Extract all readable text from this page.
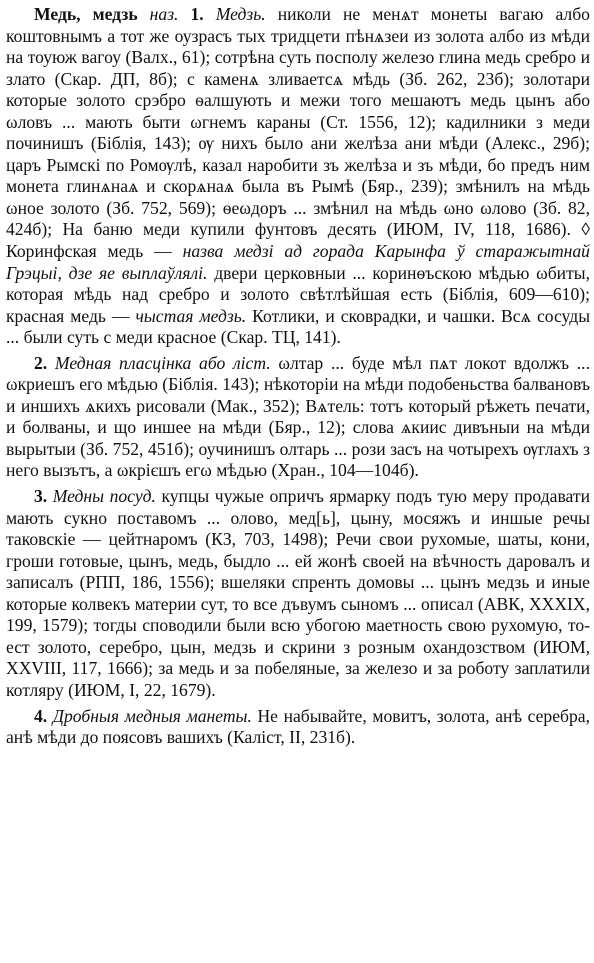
Медь, медзь наз. 1. Медзь. николи не менѧт монеты вагаю албо коштовнымъ а тот же оузрасъ тых тридцети пѣнѧзеи из золота албо из мѣди на тоуюж вагоу (Валх., 61); сотрѣна суть посполу железо глина медь сребро и злато (Скар. ДП, 8б); с каменѧ зливаетсѧ мѣдь (Зб. 262, 23б); золотари которые золото срэбро ѳалшують и межи того мешаютъ медь цынъ або ωловъ ... мають быти ωгнемъ караны (Ст. 1556, 12); кадилники з меди починишъ (Біблія, 143); ѹ нихъ было ани желѣза ани мѣди (Алекс., 29б); царъ Рымскi по Ромѹлѣ, казал наробити зъ желѣза и зъ мѣди, бо предъ ним монета глинѧнаѧ и скорѧнаѧ была въ Рымѣ (Бяр., 239); змѣнилъ на мѣдь ωное золото (Зб. 752, 569); ѳеωдоръ ... змѣнил на мѣдь ωно ωлово (Зб. 82, 424б); На баню меди купили фунтовъ десять (ИЮМ, IV, 118, 1686). ◊ Коринфская медь — назва медзі ад горада Карынфа ў старажытнай Грэцыі, дзе яе выплаўлялі. двери церковныи ... коринѳъскою мѣдью ωбиты, которая мѣдь над сребро и золото свѣтлѣйшая есть (Біблія, 609—610); красная медь — чыстая медзь. Котлики, и сковрадки, и чашки. Всѧ сосуды ... были суть с меди красное (Скар. ТЦ, 141).

2. Медная пласцінка або ліст. ωлтар ... буде мѣл пѧт локот вдолжъ ... ωкриешъ его мѣдью (Біблія. 143); нѣкоторіи на мѣди подобеньства балвановъ и иншихъ ѧкихъ рисовали (Мак., 352); Вѧтель: тотъ который рѣжеть печати, и болваны, и що иншее на мѣди (Бяр., 12); слова ѧкиис дивъныи на мѣди вырытыи (Зб. 752, 451б); оучинишъ олтарь ... рози засъ на чотырехъ ѹглахъ з него вызътъ, а ωкрієшъ егω мѣдью (Хран., 104—104б).

3. Медны посуд. купцы чужые опричъ ярмарку подъ тую меру продавати мають сукно поставомъ ... олово, мед[ь], цыну, мосяжъ и иншые речы таковскіе — цейтнаромъ (КЗ, 703, 1498); Речи свои рухомые, шаты, кони, гроши готовые, цынъ, медь, быдло ... ей жонѣ своей на вѣчность даровалъ и записалъ (РПП, 186, 1556); вшеляки спренть домовы ... цынъ медзь и иные которые колвекъ материи сут, то все дъвумъ сыномъ ... описал (АВК, XXXIX, 199, 1579); тогды споводили были всю убогою маетность свою рухомую, то-ест золото, серебро, цын, медзь и скрини з розным охандозством (ИЮМ, XXVIII, 117, 1666); за медь и за побеляные, за железо и за роботу заплатили котляру (ИЮМ, I, 22, 1679).

4. Дробныя медныя манеты. Не набывайте, мовитъ, золота, анѣ серебра, анѣ мѣди до поясовъ вашихъ (Каліст, II, 231б).
